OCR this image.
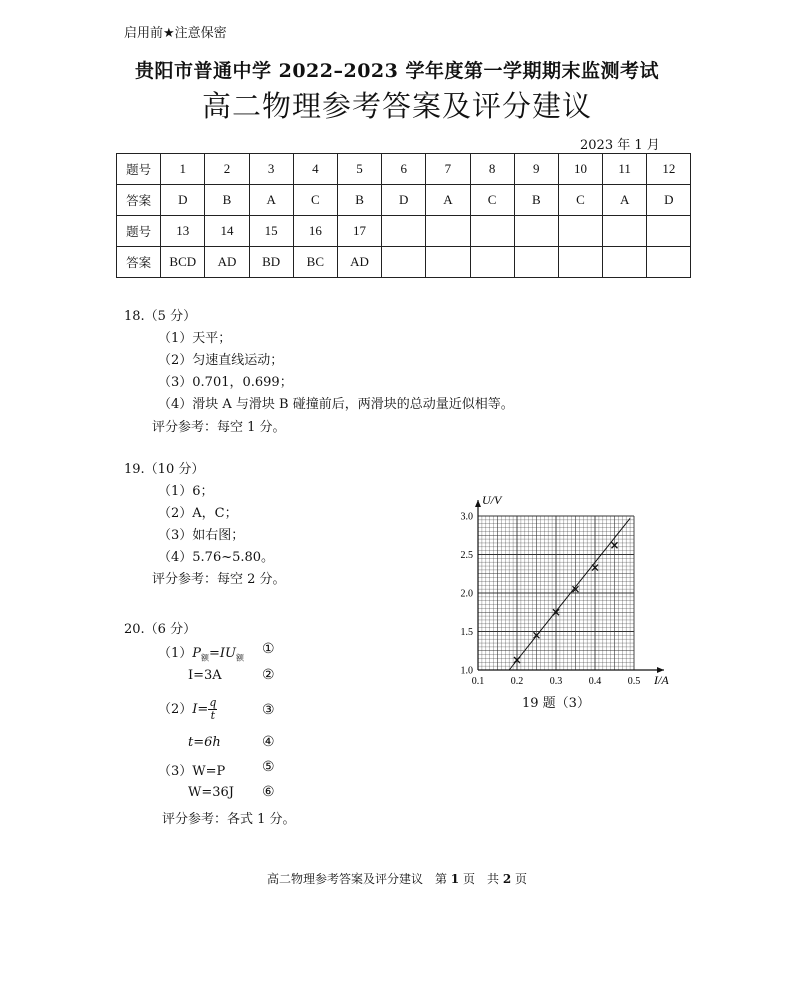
启用前★注意保密
贵阳市普通中学 2022–2023 学年度第一学期期末监测考试
高二物理参考答案及评分建议
2023 年 1 月
题号	1	2	3	4	5	6	7	8	9	10	11	12
答案	D	B	A	C	B	D	A	C	B	C	A	D
题号	13	14	15	16	17							
答案	BCD	AD	BD	BC	AD							
18.（5 分）
（1）天平；
（2）匀速直线运动；
（3）0.701，0.699；
（4）滑块 A 与滑块 B 碰撞前后，两滑块的总动量近似相等。
评分参考：每空 1 分。
19.（10 分）
（1）6；
（2）A，C；
（3）如右图；
（4）5.76~5.80。
评分参考：每空 2 分。
0.1	0.2	0.3	0.4	0.5
1.0
1.5
2.0
2.5
3.0
I/A
U/V
19 题（3）
20.（6 分）
$(1)P_额=IU_额$
①
I=3A	②
$(2)I= \frac{q}{t}$	③
t=6h	④
（3）W=P	⑤
W=36J ⑥
评分参考：各式 1 分。
高二物理参考答案及评分建议　第 1 页　共 2 页
